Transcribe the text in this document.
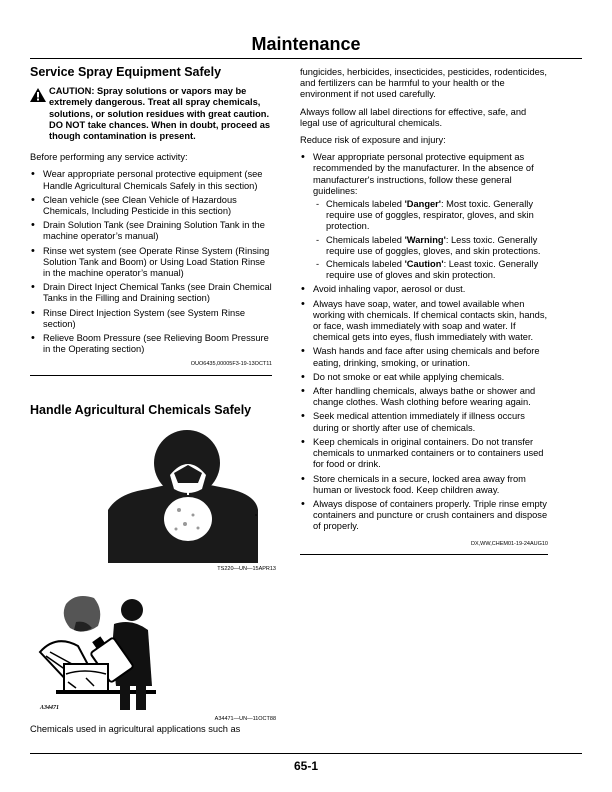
Maintenance
Service Spray Equipment Safely
CAUTION: Spray solutions or vapors may be extremely dangerous. Treat all spray chemicals, solutions, or solution residues with great caution. DO NOT take chances. When in doubt, proceed as though contamination is present.

Before performing any service activity:

• Wear appropriate personal protective equipment (see Handle Agricultural Chemicals Safely in this section)
• Clean vehicle (see Clean Vehicle of Hazardous Chemicals, Including Pesticide in this section)
• Drain Solution Tank (see Draining Solution Tank in the machine operator’s manual)
• Rinse wet system (see Operate Rinse System (Rinsing Solution Tank and Boom) or Using Load Station Rinse in the machine operator’s manual)
• Drain Direct Inject Chemical Tanks (see Drain Chemical Tanks in the Filling and Draining section)
• Rinse Direct Injection System (see System Rinse section)
• Relieve Boom Pressure (see Relieving Boom Pressure in the Operating section)
OUO6435,00005F3-19-13OCT11
Handle Agricultural Chemicals Safely
TS220—UN—15APR13
A34471
A34471—UN—11OCT88
Chemicals used in agricultural applications such as

fungicides, herbicides, insecticides, pesticides, rodenticides, and fertilizers can be harmful to your health or the environment if not used carefully.

Always follow all label directions for effective, safe, and legal use of agricultural chemicals.

Reduce risk of exposure and injury:

• Wear appropriate personal protective equipment as recommended by the manufacturer. In the absence of manufacturer's instructions, follow these general guidelines:
- Chemicals labeled 'Danger': Most toxic. Generally require use of goggles, respirator, gloves, and skin protection.
- Chemicals labeled 'Warning': Less toxic. Generally require use of goggles, gloves, and skin protections.
- Chemicals labeled 'Caution': Least toxic. Generally require use of gloves and skin protection.
• Avoid inhaling vapor, aerosol or dust.
• Always have soap, water, and towel available when working with chemicals. If chemical contacts skin, hands, or face, wash immediately with soap and water. If chemical gets into eyes, flush immediately with water.
• Wash hands and face after using chemicals and before eating, drinking, smoking, or urination.
• Do not smoke or eat while applying chemicals.
• After handling chemicals, always bathe or shower and change clothes. Wash clothing before wearing again.
• Seek medical attention immediately if illness occurs during or shortly after use of chemicals.
• Keep chemicals in original containers. Do not transfer chemicals to unmarked containers or to containers used for food or drink.
• Store chemicals in a secure, locked area away from human or livestock food. Keep children away.
• Always dispose of containers properly. Triple rinse empty containers and puncture or crush containers and dispose of properly.
DX,WW,CHEM01-19-24AUG10
65-1
